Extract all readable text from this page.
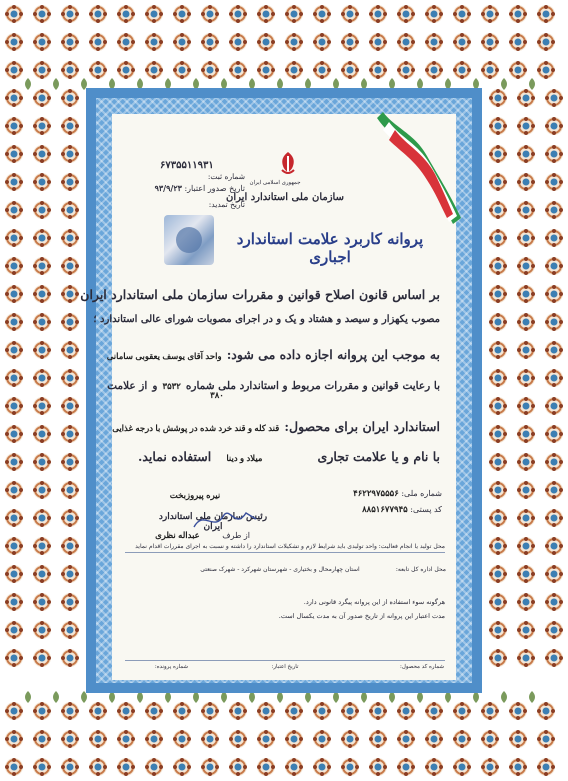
جمهوری اسلامی ایران
سازمان ملی استاندارد ایران
۶۷۳۵۵۱۱۹۳۱
شماره ثبت:
تاریخ صدور اعتبار: ۹۳/۹/۲۳
تاریخ تمدید:
پروانه کاربرد علامت استاندارد اجباری
بر اساس قانون اصلاح قوانین و مقررات سازمان ملی استاندارد ایران
مصوب یکهزار و سیصد و هشتاد و یک و در اجرای مصوبات شورای عالی استاندارد ؛
به موجب این پروانه اجازه داده می شود: واحد آقای یوسف یعقوبی سامانی
با رعایت قوانین و مقررات مربوط و استاندارد ملی شماره ۳۵۳۲ و از علامت
۳۸۰
استاندارد ایران برای محصول: قند کله و قند خرد شده در پوشش با درجه غذایی
با نام و یا علامت تجاری میلاد و دینا استفاده نماید.
شماره ملی: ۴۶۲۲۹۷۵۵۵۶
کد پستی: ۸۸۵۱۶۷۷۹۴۵
نیره پیروزبخت
رئیس سازمان ملی استاندارد ایران
از طرف عبداله نظری
محل تولید یا انجام فعالیت: واحد تولیدی باید شرایط لازم و تشکیلات استاندارد را داشته و نسبت به اجرای مقررات اقدام نماید
استان چهارمحال و بختیاری - شهرستان شهرکرد - شهرک صنعتی	محل اداره کل تابعه:
هرگونه سوء استفاده از این پروانه پیگرد قانونی دارد.
مدت اعتبار این پروانه از تاریخ صدور آن به مدت یکسال است.
شماره پرونده:	تاریخ اعتبار:	شماره کد محصول:
